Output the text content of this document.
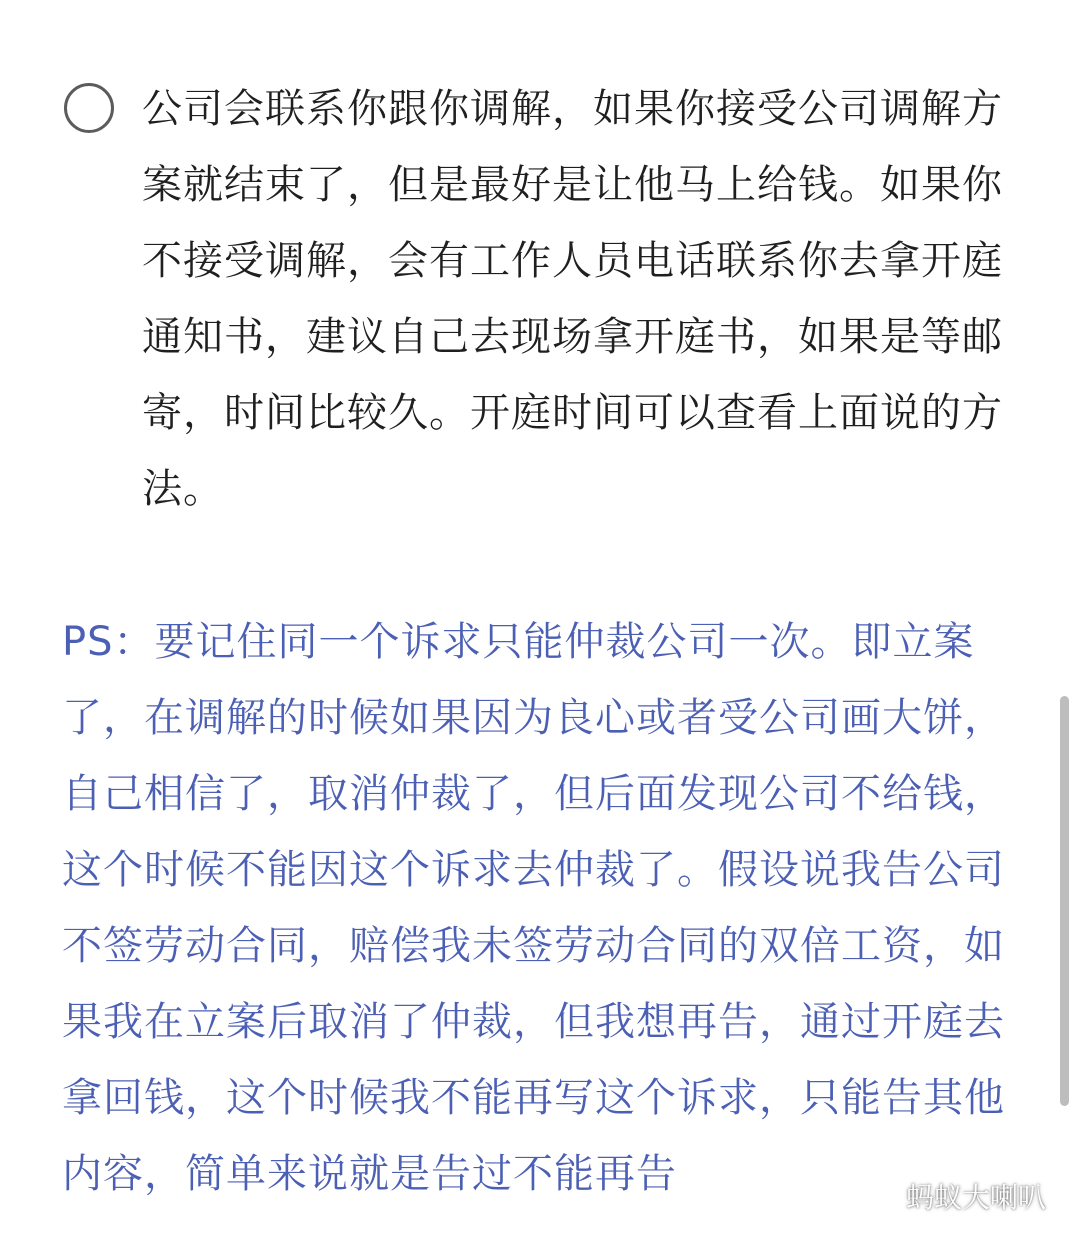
公司会联系你跟你调解，如果你接受公司调解方案就结束了，但是最好是让他马上给钱。如果你不接受调解，会有工作人员电话联系你去拿开庭通知书，建议自己去现场拿开庭书，如果是等邮寄，时间比较久。开庭时间可以查看上面说的方法。

PS：要记住同一个诉求只能仲裁公司一次。即立案了，在调解的时候如果因为良心或者受公司画大饼，自己相信了，取消仲裁了，但后面发现公司不给钱，这个时候不能因这个诉求去仲裁了。假设说我告公司不签劳动合同，赔偿我未签劳动合同的双倍工资，如果我在立案后取消了仲裁，但我想再告，通过开庭去拿回钱，这个时候我不能再写这个诉求，只能告其他内容，简单来说就是告过不能再告

蚂蚁大喇叭
